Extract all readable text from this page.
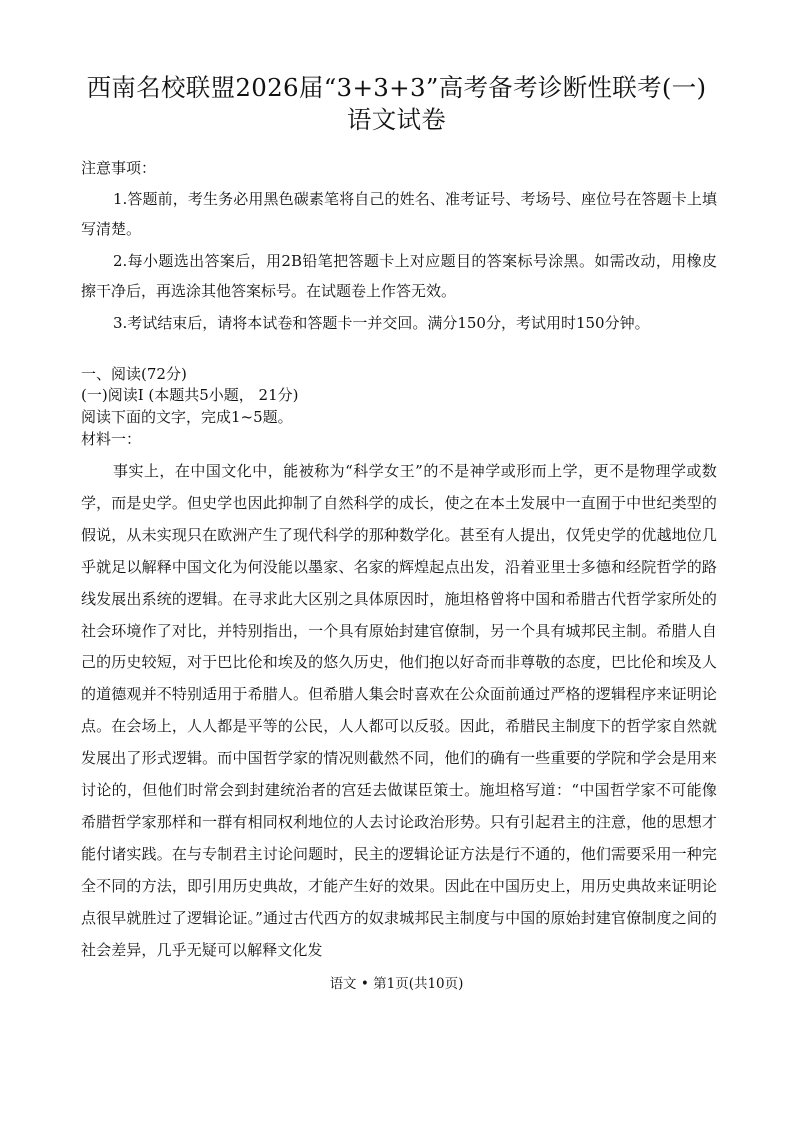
西南名校联盟2026届“3+3+3”高考备考诊断性联考(一)
语文试卷
注意事项：
1.答题前，考生务必用黑色碳素笔将自己的姓名、准考证号、考场号、座位号在答题卡上填写清楚。
2.每小题选出答案后，用2B铅笔把答题卡上对应题目的答案标号涂黑。如需改动，用橡皮擦干净后，再选涂其他答案标号。在试题卷上作答无效。
3.考试结束后，请将本试卷和答题卡一并交回。满分150分，考试用时150分钟。

一、阅读(72分)

(一)阅读Ⅰ (本题共5小题， 21分)

阅读下面的文字，完成1~5题。

材料一：

事实上，在中国文化中，能被称为“科学女王”的不是神学或形而上学，更不是物理学或数学，而是史学。但史学也因此抑制了自然科学的成长，使之在本土发展中一直囿于中世纪类型的假说，从未实现只在欧洲产生了现代科学的那种数学化。甚至有人提出，仅凭史学的优越地位几乎就足以解释中国文化为何没能以墨家、名家的辉煌起点出发，沿着亚里士多德和经院哲学的路线发展出系统的逻辑。在寻求此大区别之具体原因时，施坦格曾将中国和希腊古代哲学家所处的社会环境作了对比，并特别指出，一个具有原始封建官僚制，另一个具有城邦民主制。希腊人自己的历史较短，对于巴比伦和埃及的悠久历史，他们抱以好奇而非尊敬的态度，巴比伦和埃及人的道德观并不特别适用于希腊人。但希腊人集会时喜欢在公众面前通过严格的逻辑程序来证明论点。在会场上，人人都是平等的公民，人人都可以反驳。因此，希腊民主制度下的哲学家自然就发展出了形式逻辑。而中国哲学家的情况则截然不同，他们的确有一些重要的学院和学会是用来讨论的，但他们时常会到封建统治者的宫廷去做谋臣策士。施坦格写道：“中国哲学家不可能像希腊哲学家那样和一群有相同权利地位的人去讨论政治形势。只有引起君主的注意，他的思想才能付诸实践。在与专制君主讨论问题时，民主的逻辑论证方法是行不通的，他们需要采用一种完全不同的方法，即引用历史典故，才能产生好的效果。因此在中国历史上，用历史典故来证明论点很早就胜过了逻辑论证。”通过古代西方的奴隶城邦民主制度与中国的原始封建官僚制度之间的社会差异，几乎无疑可以解释文化发

语文 • 第1页(共10页)
